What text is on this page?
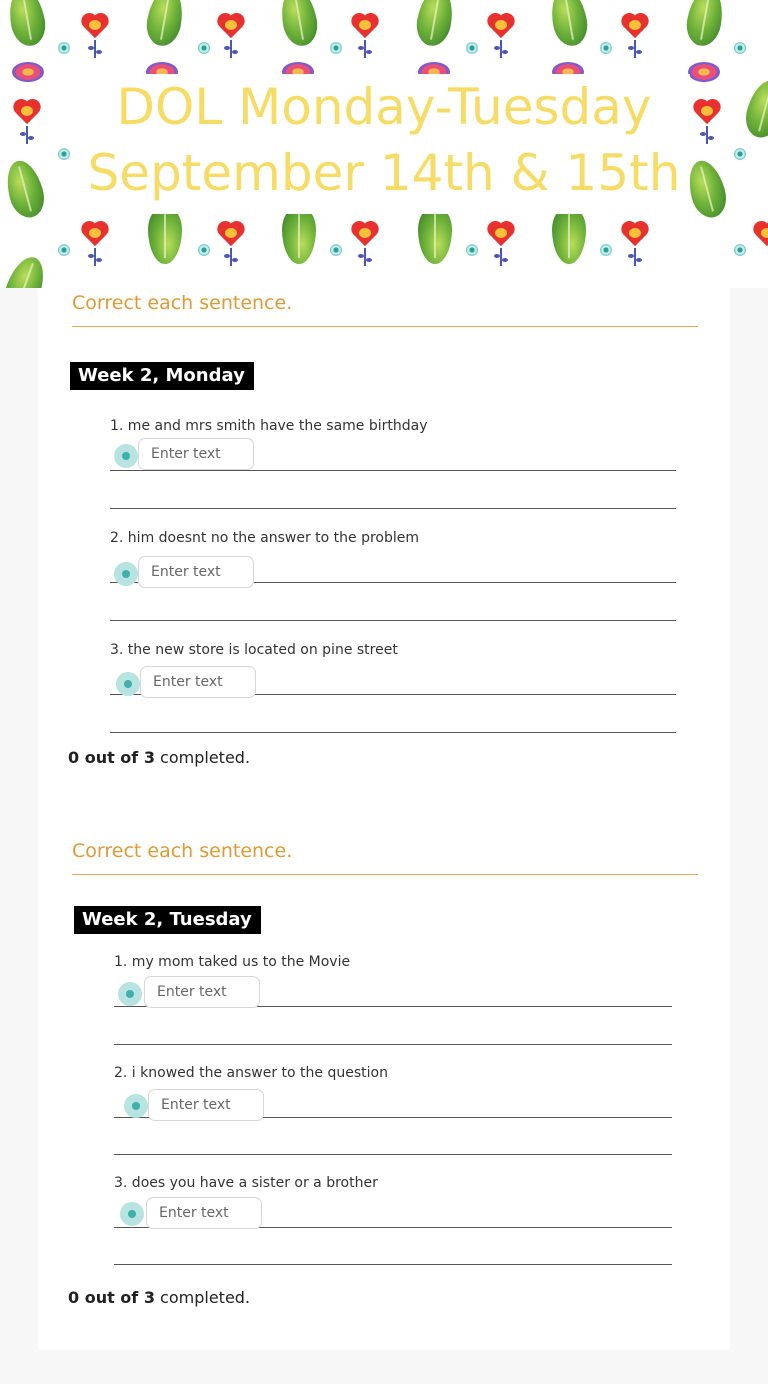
DOL Monday-Tuesday
September 14th & 15th
Correct each sentence.
Week 2, Monday
1. me and mrs smith have the same birthday
Enter text
2. him doesnt no the answer to the problem
Enter text
3. the new store is located on pine street
Enter text
0 out of 3 completed.
Correct each sentence.
Week 2, Tuesday
1. my mom taked us to the Movie
Enter text
2. i knowed the answer to the question
Enter text
3. does you have a sister or a brother
Enter text
0 out of 3 completed.
